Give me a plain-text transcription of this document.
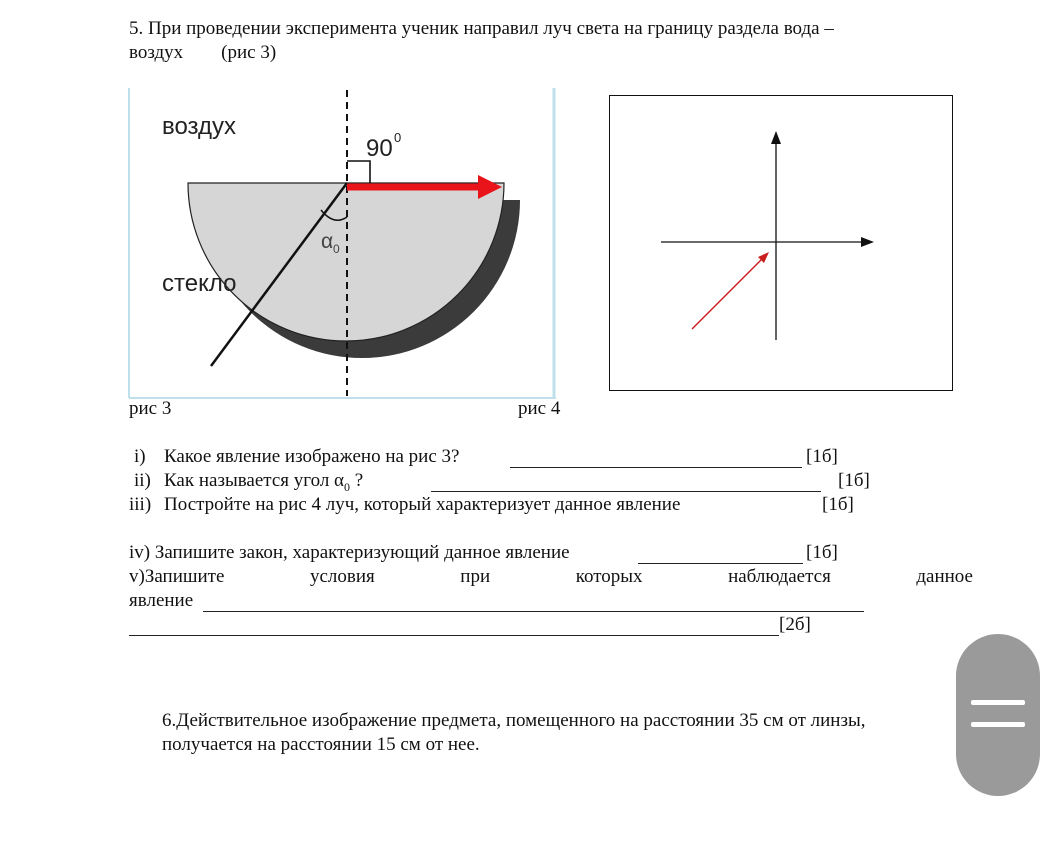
5. При проведении эксперимента ученик направил луч света на границу раздела вода –
воздух (рис 3)
воздух
стекло
90 0
α 0
рис 3	рис 4
i) Какое явление изображено на рис 3?	[1б]
ii) Как называется угол $\alpha_0$ ?	[1б]
iii) Постройте на рис 4 луч, который характеризует данное явление	[1б]
iv) Запишите закон, характеризующий данное явление	[1б]
v)Запишите	условия	при	которых	наблюдается	данное
явление
[2б]
6.Действительное изображение предмета, помещенного на расстоянии 35 см от линзы,
получается на расстоянии 15 см от нее.
